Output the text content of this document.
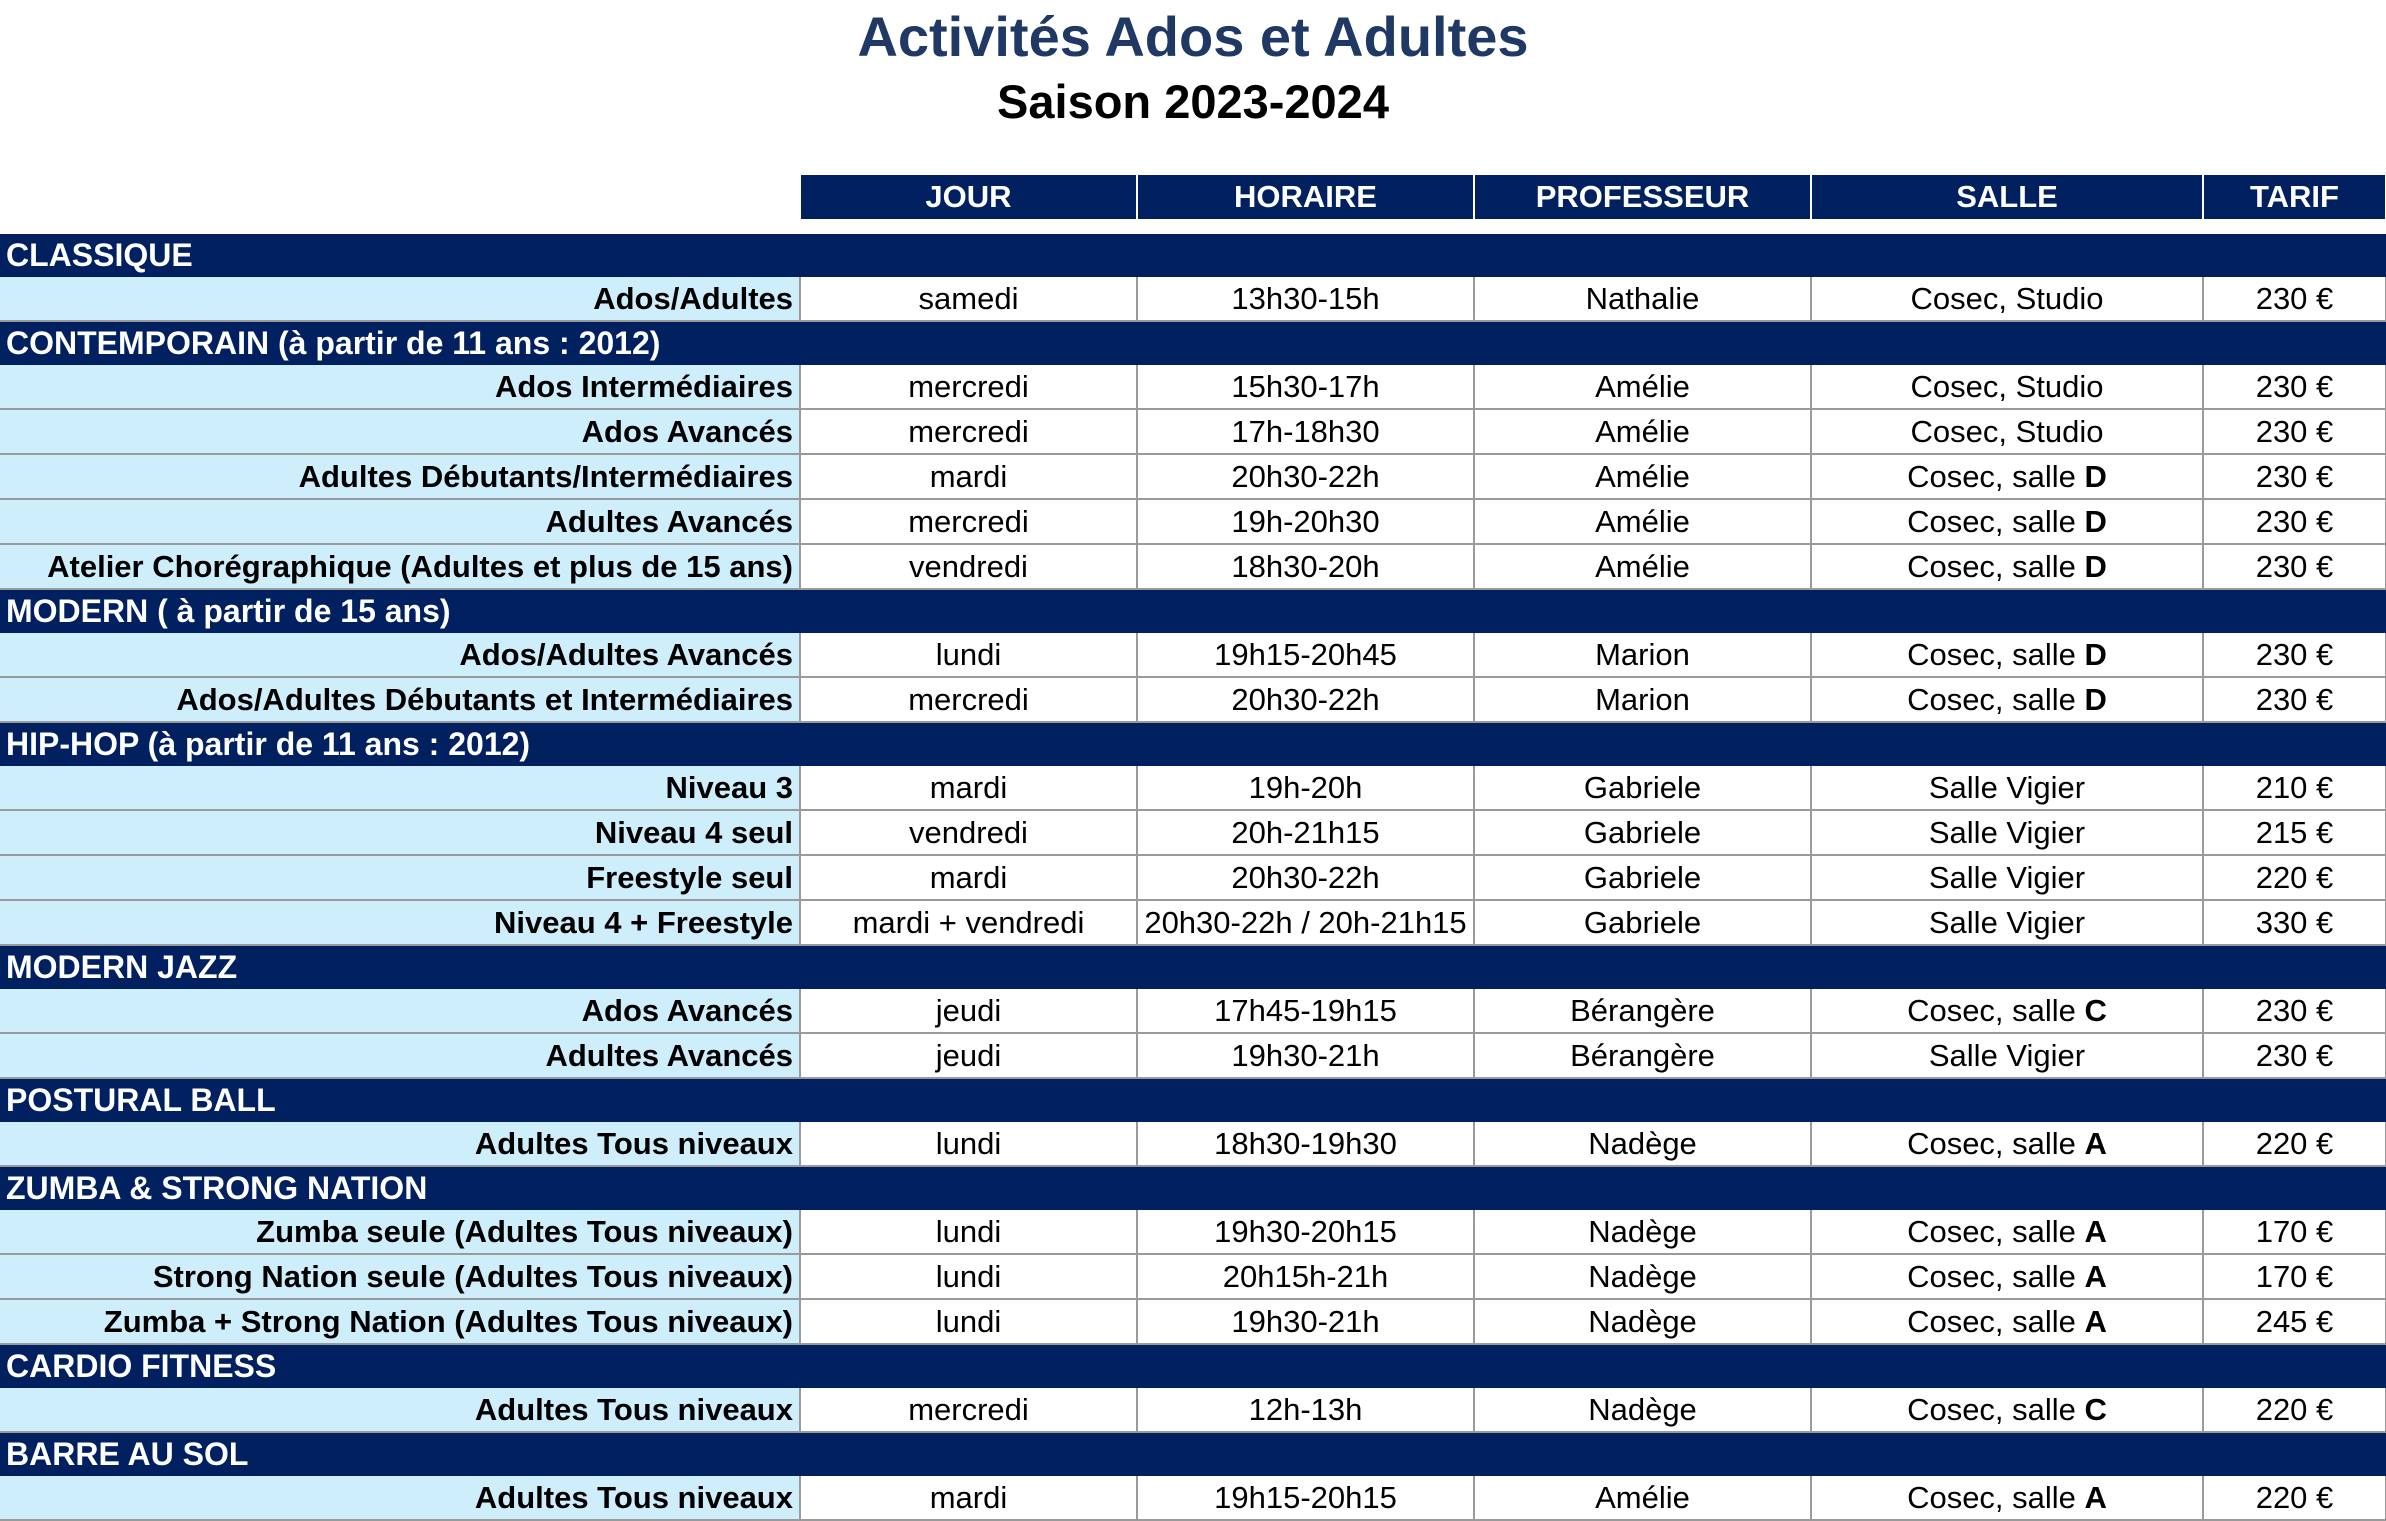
Activités Ados et Adultes
Saison 2023-2024
	JOUR	HORAIRE	PROFESSEUR	SALLE	TARIF

CLASSIQUE					
Ados/Adultes	samedi	13h30-15h	Nathalie	Cosec, Studio	230 €
CONTEMPORAIN (à partir de 11 ans : 2012)					
Ados Intermédiaires	mercredi	15h30-17h	Amélie	Cosec, Studio	230 €
Ados Avancés	mercredi	17h-18h30	Amélie	Cosec, Studio	230 €
Adultes Débutants/Intermédiaires	mardi	20h30-22h	Amélie	Cosec, salle D	230 €
Adultes Avancés	mercredi	19h-20h30	Amélie	Cosec, salle D	230 €
Atelier Chorégraphique (Adultes et plus de 15 ans)	vendredi	18h30-20h	Amélie	Cosec, salle D	230 €
MODERN ( à partir de 15 ans)					
Ados/Adultes Avancés	lundi	19h15-20h45	Marion	Cosec, salle D	230 €
Ados/Adultes Débutants et Intermédiaires	mercredi	20h30-22h	Marion	Cosec, salle D	230 €
HIP-HOP (à partir de 11 ans : 2012)					
Niveau 3	mardi	19h-20h	Gabriele	Salle Vigier	210 €
Niveau 4 seul	vendredi	20h-21h15	Gabriele	Salle Vigier	215 €
Freestyle seul	mardi	20h30-22h	Gabriele	Salle Vigier	220 €
Niveau 4 + Freestyle	mardi + vendredi	20h30-22h / 20h-21h15	Gabriele	Salle Vigier	330 €
MODERN JAZZ					
Ados Avancés	jeudi	17h45-19h15	Bérangère	Cosec, salle C	230 €
Adultes Avancés	jeudi	19h30-21h	Bérangère	Salle Vigier	230 €
POSTURAL BALL					
Adultes Tous niveaux	lundi	18h30-19h30	Nadège	Cosec, salle A	220 €
ZUMBA & STRONG NATION					
Zumba seule (Adultes Tous niveaux)	lundi	19h30-20h15	Nadège	Cosec, salle A	170 €
Strong Nation seule (Adultes Tous niveaux)	lundi	20h15h-21h	Nadège	Cosec, salle A	170 €
Zumba + Strong Nation (Adultes Tous niveaux)	lundi	19h30-21h	Nadège	Cosec, salle A	245 €
CARDIO FITNESS					
Adultes Tous niveaux	mercredi	12h-13h	Nadège	Cosec, salle C	220 €
BARRE AU SOL					
Adultes Tous niveaux	mardi	19h15-20h15	Amélie	Cosec, salle A	220 €
